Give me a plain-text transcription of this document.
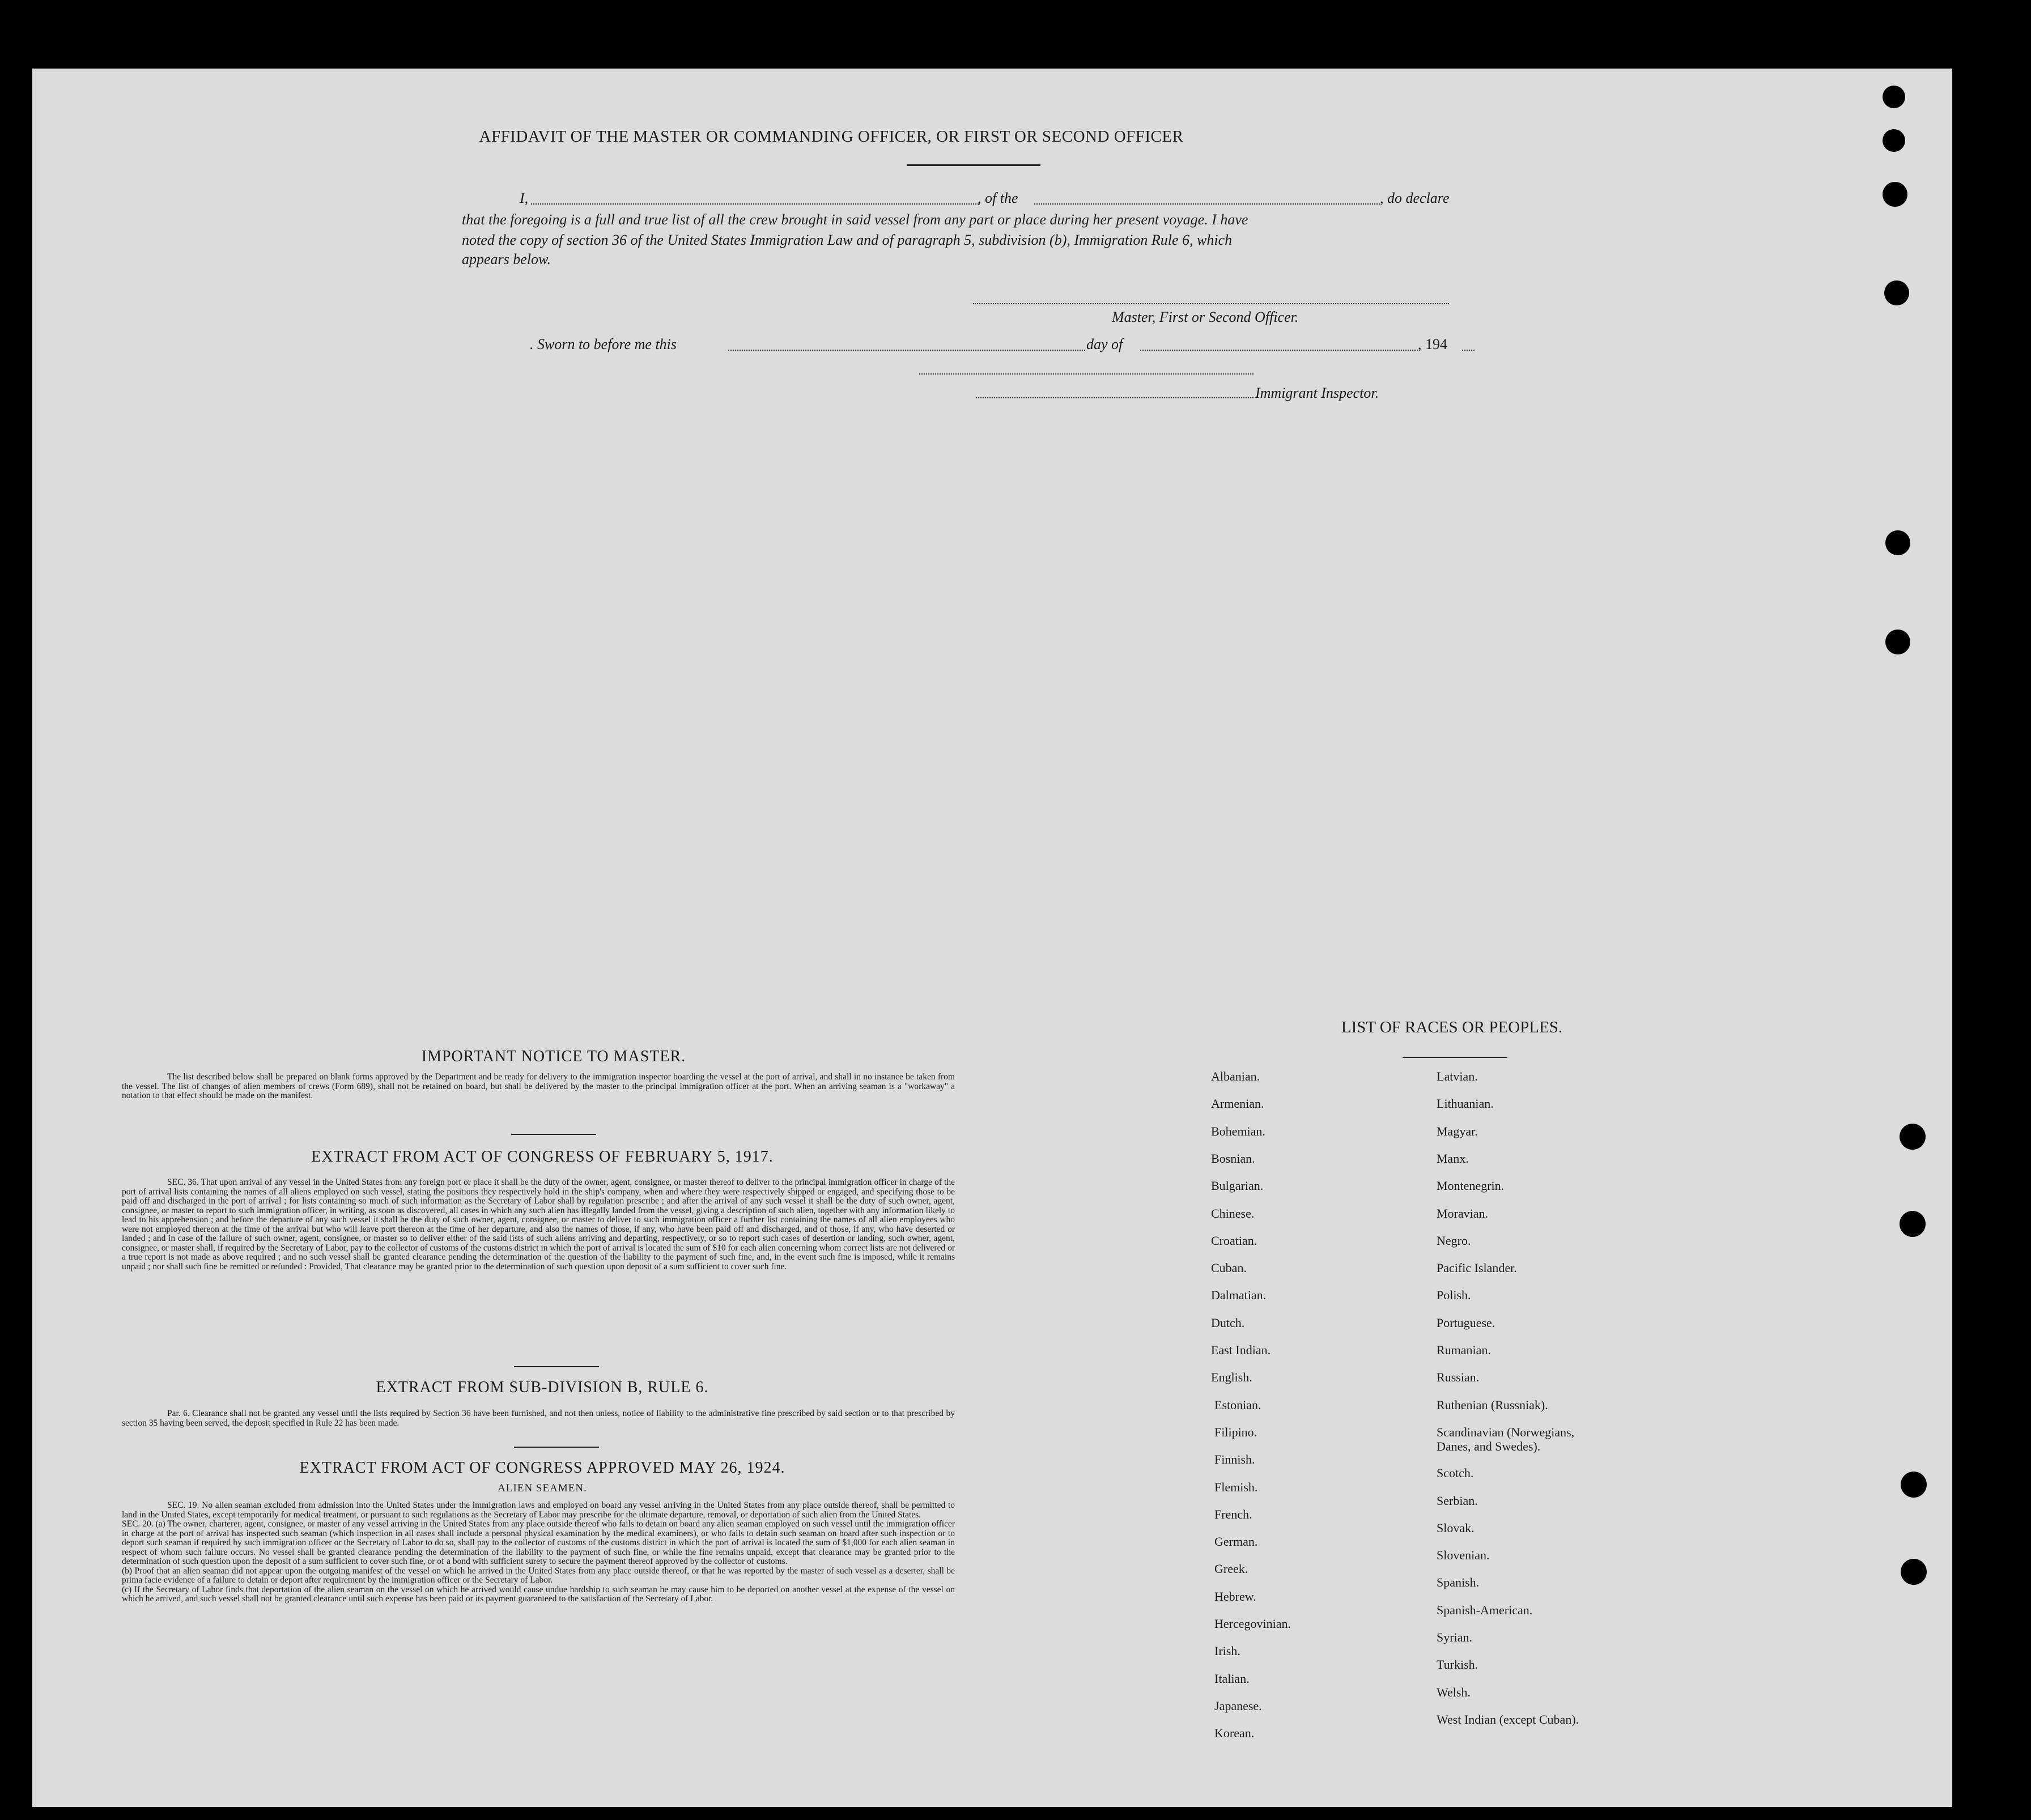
AFFIDAVIT OF THE MASTER OR COMMANDING OFFICER, OR FIRST OR SECOND OFFICER
I,	, of the	, do declare
that the foregoing is a full and true list of all the crew brought in said vessel from any part or place during her present voyage. I have
noted the copy of section 36 of the United States Immigration Law and of paragraph 5, subdivision (b), Immigration Rule 6, which
appears below.
Master, First or Second Officer.
. Sworn to before me this	day of	, 194
Immigrant Inspector.
IMPORTANT NOTICE TO MASTER.
The list described below shall be prepared on blank forms approved by the Department and be ready for delivery to the immigration inspector boarding the vessel at the port of arrival, and shall in no instance be taken from the vessel. The list of changes of alien members of crews (Form 689), shall not be retained on board, but shall be delivered by the master to the principal immigration officer at the port. When an arriving seaman is a "workaway" a notation to that effect should be made on the manifest.
EXTRACT FROM ACT OF CONGRESS OF FEBRUARY 5, 1917.
SEC. 36. That upon arrival of any vessel in the United States from any foreign port or place it shall be the duty of the owner, agent, consignee, or master thereof to deliver to the principal immigration officer in charge of the port of arrival lists containing the names of all aliens employed on such vessel, stating the positions they respectively hold in the ship's company, when and where they were respectively shipped or engaged, and specifying those to be paid off and discharged in the port of arrival ; for lists containing so much of such information as the Secretary of Labor shall by regulation prescribe ; and after the arrival of any such vessel it shall be the duty of such owner, agent, consignee, or master to report to such immigration officer, in writing, as soon as discovered, all cases in which any such alien has illegally landed from the vessel, giving a description of such alien, together with any information likely to lead to his apprehension ; and before the departure of any such vessel it shall be the duty of such owner, agent, consignee, or master to deliver to such immigration officer a further list containing the names of all alien employees who were not employed thereon at the time of the arrival but who will leave port thereon at the time of her departure, and also the names of those, if any, who have been paid off and discharged, and of those, if any, who have deserted or landed ; and in case of the failure of such owner, agent, consignee, or master so to deliver either of the said lists of such aliens arriving and departing, respectively, or so to report such cases of desertion or landing, such owner, agent, consignee, or master shall, if required by the Secretary of Labor, pay to the collector of customs of the customs district in which the port of arrival is located the sum of $10 for each alien concerning whom correct lists are not delivered or a true report is not made as above required ; and no such vessel shall be granted clearance pending the determination of the question of the liability to the payment of such fine, and, in the event such fine is imposed, while it remains unpaid ; nor shall such fine be remitted or refunded : Provided, That clearance may be granted prior to the determination of such question upon deposit of a sum sufficient to cover such fine.
EXTRACT FROM SUB-DIVISION B, RULE 6.
Par. 6. Clearance shall not be granted any vessel until the lists required by Section 36 have been furnished, and not then unless, notice of liability to the administrative fine prescribed by said section or to that prescribed by section 35 having been served, the deposit specified in Rule 22 has been made.
EXTRACT FROM ACT OF CONGRESS APPROVED MAY 26, 1924.
ALIEN SEAMEN.
SEC. 19. No alien seaman excluded from admission into the United States under the immigration laws and employed on board any vessel arriving in the United States from any place outside thereof, shall be permitted to land in the United States, except temporarily for medical treatment, or pursuant to such regulations as the Secretary of Labor may prescribe for the ultimate departure, removal, or deportation of such alien from the United States.
SEC. 20. (a) The owner, charterer, agent, consignee, or master of any vessel arriving in the United States from any place outside thereof who fails to detain on board any alien seaman employed on such vessel until the immigration officer in charge at the port of arrival has inspected such seaman (which inspection in all cases shall include a personal physical examination by the medical examiners), or who fails to detain such seaman on board after such inspection or to deport such seaman if required by such immigration officer or the Secretary of Labor to do so, shall pay to the collector of customs of the customs district in which the port of arrival is located the sum of $1,000 for each alien seaman in respect of whom such failure occurs. No vessel shall be granted clearance pending the determination of the liability to the payment of such fine, or while the fine remains unpaid, except that clearance may be granted prior to the determination of such question upon the deposit of a sum sufficient to cover such fine, or of a bond with sufficient surety to secure the payment thereof approved by the collector of customs.
(b) Proof that an alien seaman did not appear upon the outgoing manifest of the vessel on which he arrived in the United States from any place outside thereof, or that he was reported by the master of such vessel as a deserter, shall be prima facie evidence of a failure to detain or deport after requirement by the immigration officer or the Secretary of Labor.
(c) If the Secretary of Labor finds that deportation of the alien seaman on the vessel on which he arrived would cause undue hardship to such seaman he may cause him to be deported on another vessel at the expense of the vessel on which he arrived, and such vessel shall not be granted clearance until such expense has been paid or its payment guaranteed to the satisfaction of the Secretary of Labor.
LIST OF RACES OR PEOPLES.
Albanian.
Armenian.
Bohemian.
Bosnian.
Bulgarian.
Chinese.
Croatian.
Cuban.
Dalmatian.
Dutch.
East Indian.
English.
Estonian.
Filipino.
Finnish.
Flemish.
French.
German.
Greek.
Hebrew.
Hercegovinian.
Irish.
Italian.
Japanese.
Korean.
Latvian.
Lithuanian.
Magyar.
Manx.
Montenegrin.
Moravian.
Negro.
Pacific Islander.
Polish.
Portuguese.
Rumanian.
Russian.
Ruthenian (Russniak).
Scandinavian (Norwegians,
Danes, and Swedes).
Scotch.
Serbian.
Slovak.
Slovenian.
Spanish.
Spanish-American.
Syrian.
Turkish.
Welsh.
West Indian (except Cuban).
